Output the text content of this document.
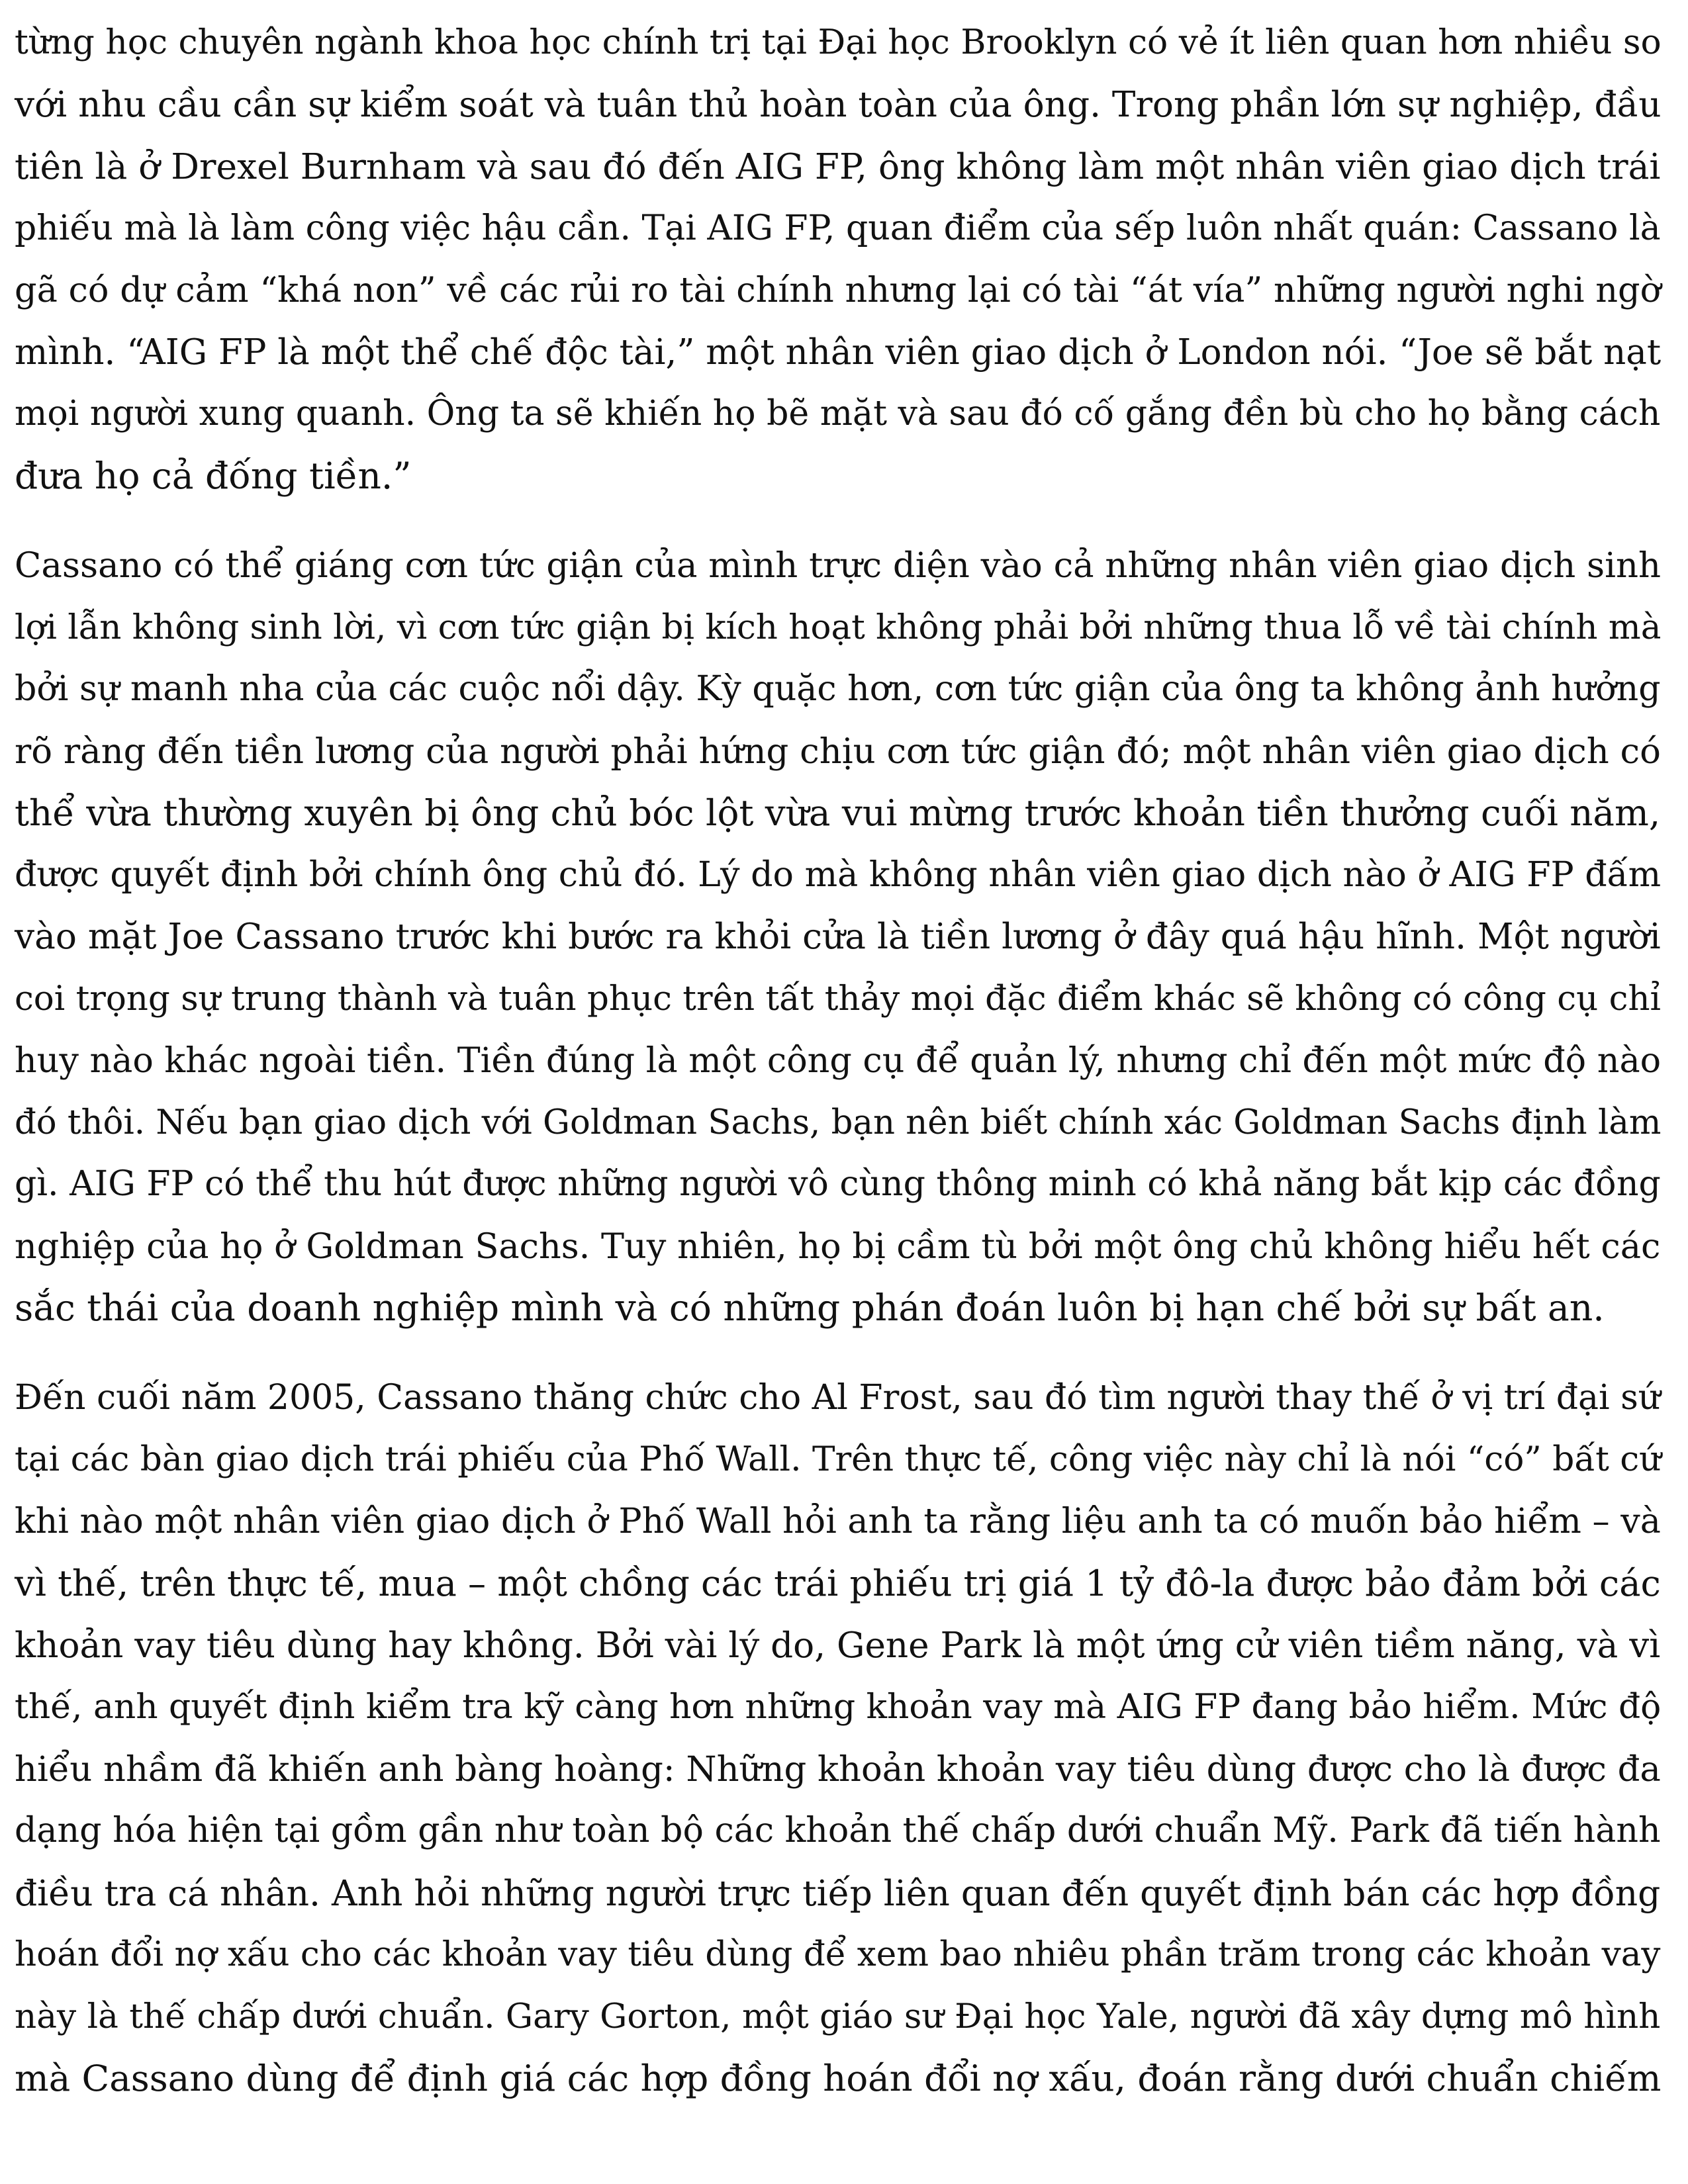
từng học chuyên ngành khoa học chính trị tại Đại học Brooklyn có vẻ ít liên quan hơn nhiều so
với nhu cầu cần sự kiểm soát và tuân thủ hoàn toàn của ông. Trong phần lớn sự nghiệp, đầu
tiên là ở Drexel Burnham và sau đó đến AIG FP, ông không làm một nhân viên giao dịch trái
phiếu mà là làm công việc hậu cần. Tại AIG FP, quan điểm của sếp luôn nhất quán: Cassano là
gã có dự cảm “khá non” về các rủi ro tài chính nhưng lại có tài “át vía” những người nghi ngờ
mình. “AIG FP là một thể chế độc tài,” một nhân viên giao dịch ở London nói. “Joe sẽ bắt nạt
mọi người xung quanh. Ông ta sẽ khiến họ bẽ mặt và sau đó cố gắng đền bù cho họ bằng cách
đưa họ cả đống tiền.”
Cassano có thể giáng cơn tức giận của mình trực diện vào cả những nhân viên giao dịch sinh
lợi lẫn không sinh lời, vì cơn tức giận bị kích hoạt không phải bởi những thua lỗ về tài chính mà
bởi sự manh nha của các cuộc nổi dậy. Kỳ quặc hơn, cơn tức giận của ông ta không ảnh hưởng
rõ ràng đến tiền lương của người phải hứng chịu cơn tức giận đó; một nhân viên giao dịch có
thể vừa thường xuyên bị ông chủ bóc lột vừa vui mừng trước khoản tiền thưởng cuối năm,
được quyết định bởi chính ông chủ đó. Lý do mà không nhân viên giao dịch nào ở AIG FP đấm
vào mặt Joe Cassano trước khi bước ra khỏi cửa là tiền lương ở đây quá hậu hĩnh. Một người
coi trọng sự trung thành và tuân phục trên tất thảy mọi đặc điểm khác sẽ không có công cụ chỉ
huy nào khác ngoài tiền. Tiền đúng là một công cụ để quản lý, nhưng chỉ đến một mức độ nào
đó thôi. Nếu bạn giao dịch với Goldman Sachs, bạn nên biết chính xác Goldman Sachs định làm
gì. AIG FP có thể thu hút được những người vô cùng thông minh có khả năng bắt kịp các đồng
nghiệp của họ ở Goldman Sachs. Tuy nhiên, họ bị cầm tù bởi một ông chủ không hiểu hết các
sắc thái của doanh nghiệp mình và có những phán đoán luôn bị hạn chế bởi sự bất an.
Đến cuối năm 2005, Cassano thăng chức cho Al Frost, sau đó tìm người thay thế ở vị trí đại sứ
tại các bàn giao dịch trái phiếu của Phố Wall. Trên thực tế, công việc này chỉ là nói “có” bất cứ
khi nào một nhân viên giao dịch ở Phố Wall hỏi anh ta rằng liệu anh ta có muốn bảo hiểm – và
vì thế, trên thực tế, mua – một chồng các trái phiếu trị giá 1 tỷ đô-la được bảo đảm bởi các
khoản vay tiêu dùng hay không. Bởi vài lý do, Gene Park là một ứng cử viên tiềm năng, và vì
thế, anh quyết định kiểm tra kỹ càng hơn những khoản vay mà AIG FP đang bảo hiểm. Mức độ
hiểu nhầm đã khiến anh bàng hoàng: Những khoản khoản vay tiêu dùng được cho là được đa
dạng hóa hiện tại gồm gần như toàn bộ các khoản thế chấp dưới chuẩn Mỹ. Park đã tiến hành
điều tra cá nhân. Anh hỏi những người trực tiếp liên quan đến quyết định bán các hợp đồng
hoán đổi nợ xấu cho các khoản vay tiêu dùng để xem bao nhiêu phần trăm trong các khoản vay
này là thế chấp dưới chuẩn. Gary Gorton, một giáo sư Đại học Yale, người đã xây dựng mô hình
mà Cassano dùng để định giá các hợp đồng hoán đổi nợ xấu, đoán rằng dưới chuẩn chiếm
